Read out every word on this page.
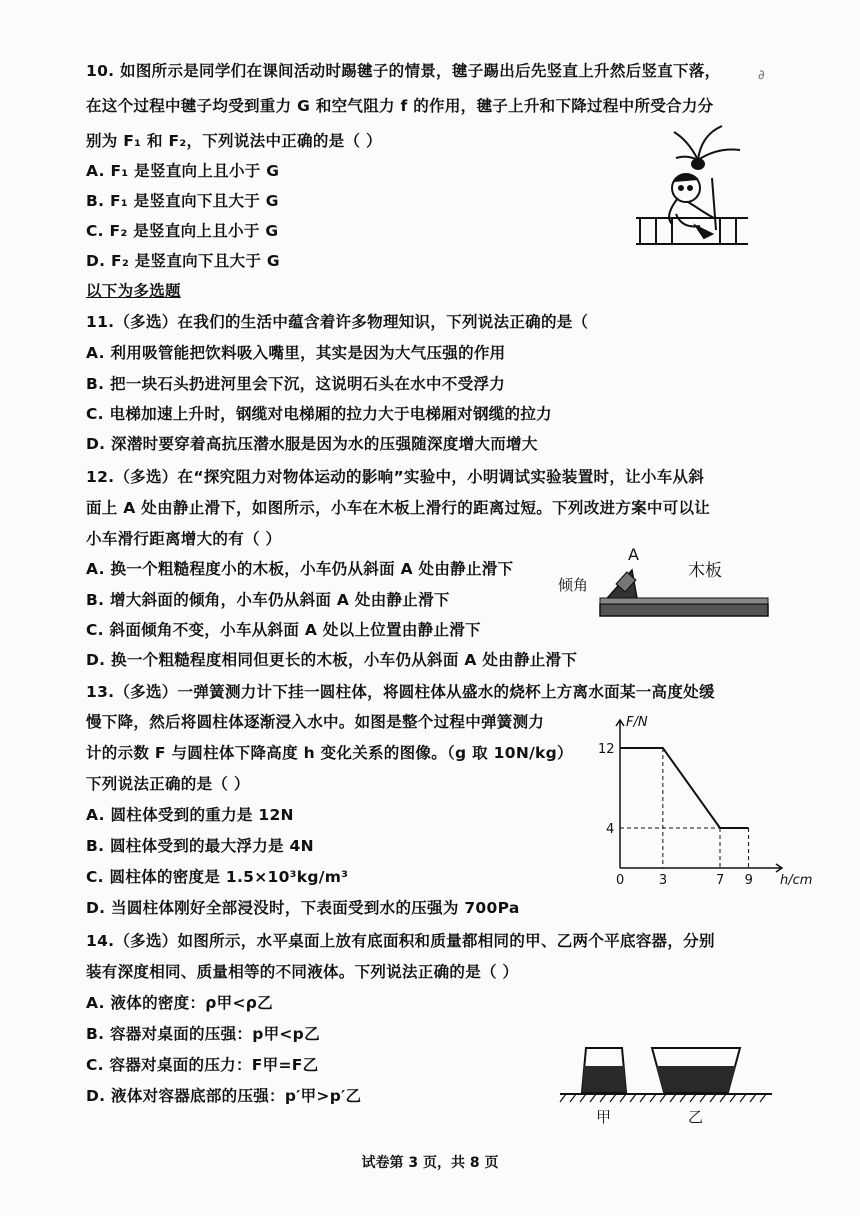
10. 如图所示是同学们在课间活动时踢毽子的情景，毽子踢出后先竖直上升然后竖直下落，
在这个过程中毽子均受到重力 G 和空气阻力 f 的作用，毽子上升和下降过程中所受合力分
别为 F₁ 和 F₂，下列说法中正确的是（ ）
A. F₁ 是竖直向上且小于 G
B. F₁ 是竖直向下且大于 G
C. F₂ 是竖直向上且小于 G
D. F₂ 是竖直向下且大于 G
∂
以下为多选题
11.（多选）在我们的生活中蕴含着许多物理知识，下列说法正确的是（
A. 利用吸管能把饮料吸入嘴里，其实是因为大气压强的作用
B. 把一块石头扔进河里会下沉，这说明石头在水中不受浮力
C. 电梯加速上升时，钢缆对电梯厢的拉力大于电梯厢对钢缆的拉力
D. 深潜时要穿着高抗压潜水服是因为水的压强随深度增大而增大
12.（多选）在“探究阻力对物体运动的影响”实验中，小明调试实验装置时，让小车从斜
面上 A 处由静止滑下，如图所示，小车在木板上滑行的距离过短。下列改进方案中可以让
小车滑行距离增大的有（ ）
A. 换一个粗糙程度小的木板，小车仍从斜面 A 处由静止滑下
B. 增大斜面的倾角，小车仍从斜面 A 处由静止滑下
C. 斜面倾角不变，小车从斜面 A 处以上位置由静止滑下
D. 换一个粗糙程度相同但更长的木板，小车仍从斜面 A 处由静止滑下
A
倾角
木板
13.（多选）一弹簧测力计下挂一圆柱体，将圆柱体从盛水的烧杯上方离水面某一高度处缓
慢下降，然后将圆柱体逐渐浸入水中。如图是整个过程中弹簧测力
计的示数 F 与圆柱体下降高度 h 变化关系的图像。（g 取 10N/kg）
下列说法正确的是（ ）
A. 圆柱体受到的重力是 12N
B. 圆柱体受到的最大浮力是 4N
C. 圆柱体的密度是 1.5×10³kg/m³
D. 当圆柱体刚好全部浸没时，下表面受到水的压强为 700Pa
0	3	7 9
12
4
h/cm
F/N
14.（多选）如图所示，水平桌面上放有底面积和质量都相同的甲、乙两个平底容器，分别
装有深度相同、质量相等的不同液体。下列说法正确的是（ ）
A. 液体的密度：ρ甲<ρ乙
B. 容器对桌面的压强：p甲<p乙
C. 容器对桌面的压力：F甲=F乙
D. 液体对容器底部的压强：p′甲>p′乙
甲	乙
试卷第 3 页，共 8 页
